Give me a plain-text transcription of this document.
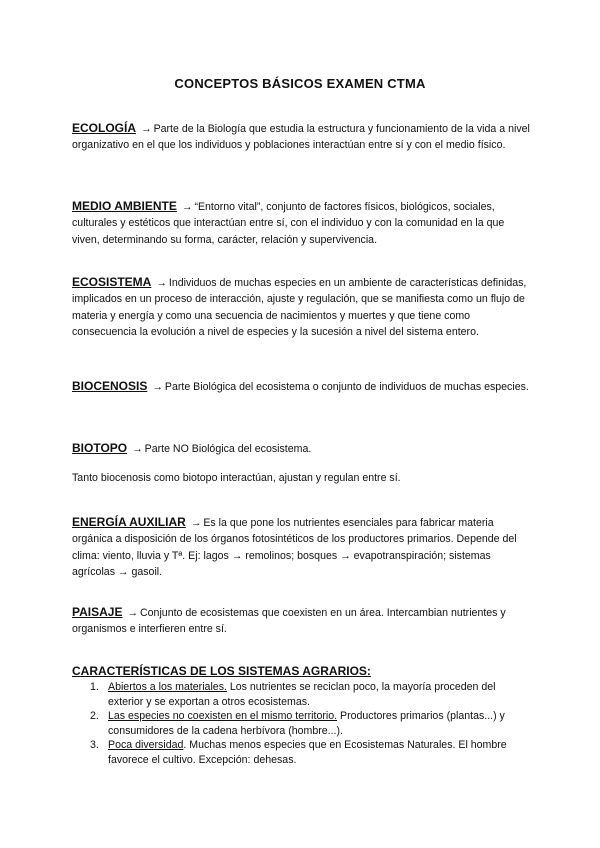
CONCEPTOS BÁSICOS EXAMEN CTMA

ECOLOGÍA → Parte de la Biología que estudia la estructura y funcionamiento de la vida a nivel organizativo en el que los individuos y poblaciones interactúan entre sí y con el medio físico.

MEDIO AMBIENTE → “Entorno vital”, conjunto de factores físicos, biológicos, sociales, culturales y estéticos que interactúan entre sí, con el individuo y con la comunidad en la que viven, determinando su forma, carácter, relación y supervivencia.

ECOSISTEMA → Individuos de muchas especies en un ambiente de características definidas, implicados en un proceso de interacción, ajuste y regulación, que se manifiesta como un flujo de materia y energía y como una secuencia de nacimientos y muertes y que tiene como consecuencia la evolución a nivel de especies y la sucesión a nivel del sistema entero.

BIOCENOSIS → Parte Biológica del ecosistema o conjunto de individuos de muchas especies.

BIOTOPO → Parte NO Biológica del ecosistema.

Tanto biocenosis como biotopo interactúan, ajustan y regulan entre sí.

ENERGÍA AUXILIAR → Es la que pone los nutrientes esenciales para fabricar materia orgánica a disposición de los órganos fotosintéticos de los productores primarios. Depende del clima: viento, lluvia y Tª. Ej: lagos → remolinos; bosques → evapotranspiración; sistemas agrícolas → gasoil.

PAISAJE → Conjunto de ecosistemas que coexisten en un área. Intercambian nutrientes y organismos e interfieren entre sí.

CARACTERÍSTICAS DE LOS SISTEMAS AGRARIOS:
1. Abiertos a los materiales. Los nutrientes se reciclan poco, la mayoría proceden del exterior y se exportan a otros ecosistemas.
2. Las especies no coexisten en el mismo territorio. Productores primarios (plantas...) y consumidores de la cadena herbívora (hombre...).
3. Poca diversidad. Muchas menos especies que en Ecosistemas Naturales. El hombre favorece el cultivo. Excepción: dehesas.
